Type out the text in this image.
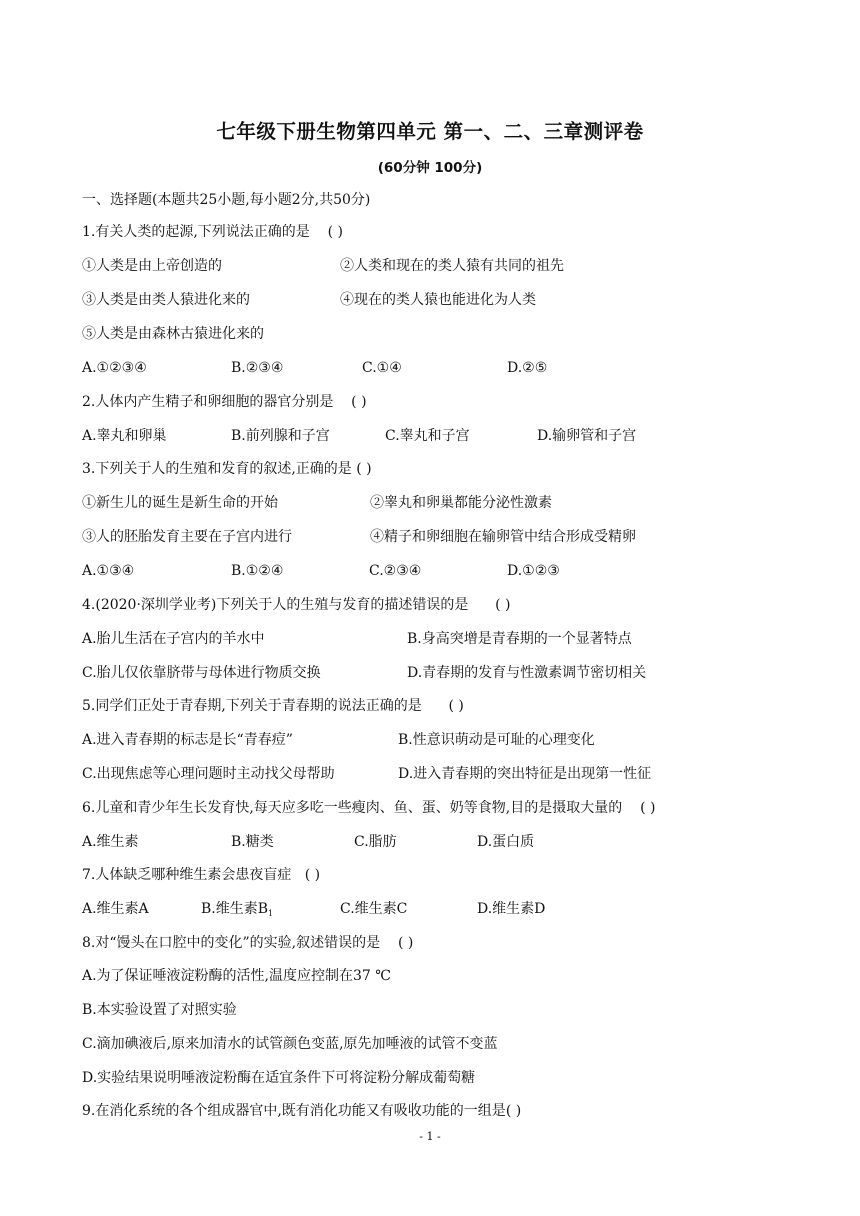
七年级下册生物第四单元 第一、二、三章测评卷
(60分钟 100分)
一、选择题(本题共25小题,每小题2分,共50分)
1.有关人类的起源,下列说法正确的是 ( )
①人类是由上帝创造的	②人类和现在的类人猿有共同的祖先
③人类是由类人猿进化来的	④现在的类人猿也能进化为人类
⑤人类是由森林古猿进化来的
A.①②③④	B.②③④	C.①④	D.②⑤
2.人体内产生精子和卵细胞的器官分别是 ( )
A.睾丸和卵巢	B.前列腺和子宫	C.睾丸和子宫	D.输卵管和子宫
3.下列关于人的生殖和发育的叙述,正确的是 ( )
①新生儿的诞生是新生命的开始	②睾丸和卵巢都能分泌性激素
③人的胚胎发育主要在子宫内进行	④精子和卵细胞在输卵管中结合形成受精卵
A.①③④	B.①②④	C.②③④	D.①②③
4.(2020·深圳学业考)下列关于人的生殖与发育的描述错误的是 ( )
A.胎儿生活在子宫内的羊水中	B.身高突增是青春期的一个显著特点
C.胎儿仅依靠脐带与母体进行物质交换	D.青春期的发育与性激素调节密切相关
5.同学们正处于青春期,下列关于青春期的说法正确的是 ( )
A.进入青春期的标志是长“青春痘”	B.性意识萌动是可耻的心理变化
C.出现焦虑等心理问题时主动找父母帮助	D.进入青春期的突出特征是出现第一性征
6.儿童和青少年生长发育快,每天应多吃一些瘦肉、鱼、蛋、奶等食物,目的是摄取大量的 ( )
A.维生素	B.糖类	C.脂肪	D.蛋白质
7.人体缺乏哪种维生素会患夜盲症 ( )
A.维生素A	B.维生素$B_1$	C.维生素C	D.维生素D
8.对“馒头在口腔中的变化”的实验,叙述错误的是 ( )
A.为了保证唾液淀粉酶的活性,温度应控制在37 ℃
B.本实验设置了对照实验
C.滴加碘液后,原来加清水的试管颜色变蓝,原先加唾液的试管不变蓝
D.实验结果说明唾液淀粉酶在适宜条件下可将淀粉分解成葡萄糖
9.在消化系统的各个组成器官中,既有消化功能又有吸收功能的一组是( )
- 1 -
